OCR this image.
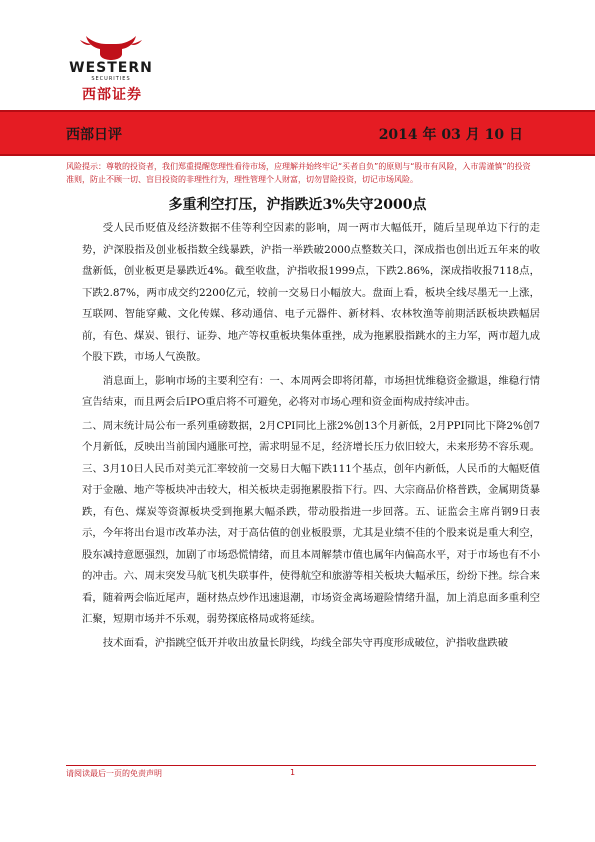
WESTERN
SECURITIES
西部证券
西部日评	2014 年 03 月 10 日
风险提示：尊敬的投资者，我们郑重提醒您理性看待市场，应理解并始终牢记“买者自负”的原则与“股市有风险，入市需谨慎”的投资准则，防止不顾一切、盲目投资的非理性行为，理性管理个人财富，切勿冒险投资，切记市场风险。
多重利空打压，沪指跌近3%失守2000点

受人民币贬值及经济数据不佳等利空因素的影响，周一两市大幅低开，随后呈现单边下行的走势，沪深股指及创业板指数全线暴跌，沪指一举跌破2000点整数关口，深成指也创出近五年来的收盘新低，创业板更是暴跌近4%。截至收盘，沪指收报1999点，下跌2.86%，深成指收报7118点，下跌2.87%，两市成交约2200亿元，较前一交易日小幅放大。盘面上看，板块全线尽墨无一上涨，互联网、智能穿戴、文化传媒、移动通信、电子元器件、新材料、农林牧渔等前期活跃板块跌幅居前，有色、煤炭、银行、证券、地产等权重板块集体重挫，成为拖累股指跳水的主力军，两市超九成个股下跌，市场人气涣散。

消息面上，影响市场的主要利空有：一、本周两会即将闭幕，市场担忧维稳资金撤退，维稳行情宣告结束，而且两会后IPO重启将不可避免，必将对市场心理和资金面构成持续冲击。

二、周末统计局公布一系列重磅数据，2月CPI同比上涨2%创13个月新低，2月PPI同比下降2%创7个月新低，反映出当前国内通胀可控，需求明显不足，经济增长压力依旧较大，未来形势不容乐观。三、3月10日人民币对美元汇率较前一交易日大幅下跌111个基点，创年内新低，人民币的大幅贬值对于金融、地产等板块冲击较大，相关板块走弱拖累股指下行。四、大宗商品价格普跌，金属期货暴跌，有色、煤炭等资源板块受到拖累大幅杀跌，带动股指进一步回落。五、证监会主席肖钢9日表示，今年将出台退市改革办法，对于高估值的创业板股票，尤其是业绩不佳的个股来说是重大利空，股东减持意愿强烈，加剧了市场恐慌情绪，而且本周解禁市值也属年内偏高水平，对于市场也有不小的冲击。六、周末突发马航飞机失联事件，使得航空和旅游等相关板块大幅承压，纷纷下挫。综合来看，随着两会临近尾声，题材热点炒作迅速退潮，市场资金离场避险情绪升温，加上消息面多重利空汇聚，短期市场并不乐观，弱势探底格局或将延续。

技术面看，沪指跳空低开并收出放量长阴线，均线全部失守再度形成破位，沪指收盘跌破

请阅读最后一页的免责声明	1
